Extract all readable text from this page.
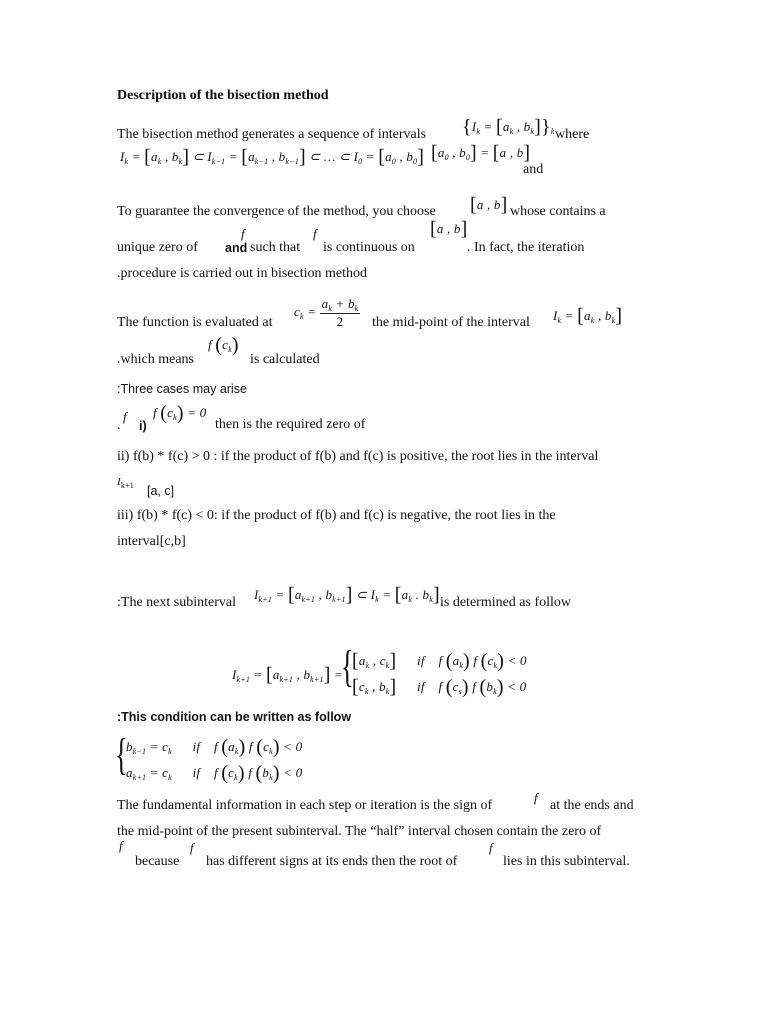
Description of the bisection method
The bisection method generates a sequence of intervals {$I_k = [a_k$ , $b_k]\}_k$ where
$I_k = [a_k$ , $b_k$] ⊂ $I_{k-1} = [a_{k-1}$ , $b_{k-1}$] ⊂ … ⊂ $I_0 = [a_0$ , $b_0$] [$a_0$ , $b_0] = [a$ , b]
and
To guarantee the convergence of the method, you choose [a , b] whose contains a
f
unique zero of and such that
f
is continuous on
[a , b]
. In fact, the iteration
.procedure is carried out in bisection method
The function is evaluated at
$c_k = \frac{a_k + b_k}{2}$ the mid-point of the interval $I_k = [a_k$ , $b_k$]
f $(c_k)$
.which means	is calculated
:Three cases may arise
.
f
i)
f $(c_k) = 0$
then is the required zero of
ii) f(b) * f(c) > 0 : if the product of f(b) and f(c) is positive, the root lies in the interval
$I_{k+1}$ [a, c]
iii) f(b) * f(c) < 0: if the product of f(b) and f(c) is negative, the root lies in the
interval[c,b]
:The next subinterval
$I_{k+1} = [a_{k+1}$ , $b_{k+1}$] ⊂ $I_k = [a_k$ . $b_k$] is determined as follow
$I_{k+1} = [a_{k+1}$ , $b_{k+1}$] =
{
[$a_k$ , $c_k$] if    f $(a_k)$ f $(c_k) < 0$
[$c_k$ , $b_k$] if    f $(c_s)$ f $(b_k) < 0$
:This condition can be written as follow
{
$b_{k-1} = c_k$ if    f $(a_k)$ f $(c_k) < 0$
$a_{k+1} = c_k$ if    f $(c_k)$ f $(b_k) < 0$
The fundamental information in each step or iteration is the sign of
f
at the ends and
the mid-point of the present subinterval. The “half” interval chosen contain the zero of
f
because
f
has different signs at its ends then the root of
f
lies in this subinterval.
